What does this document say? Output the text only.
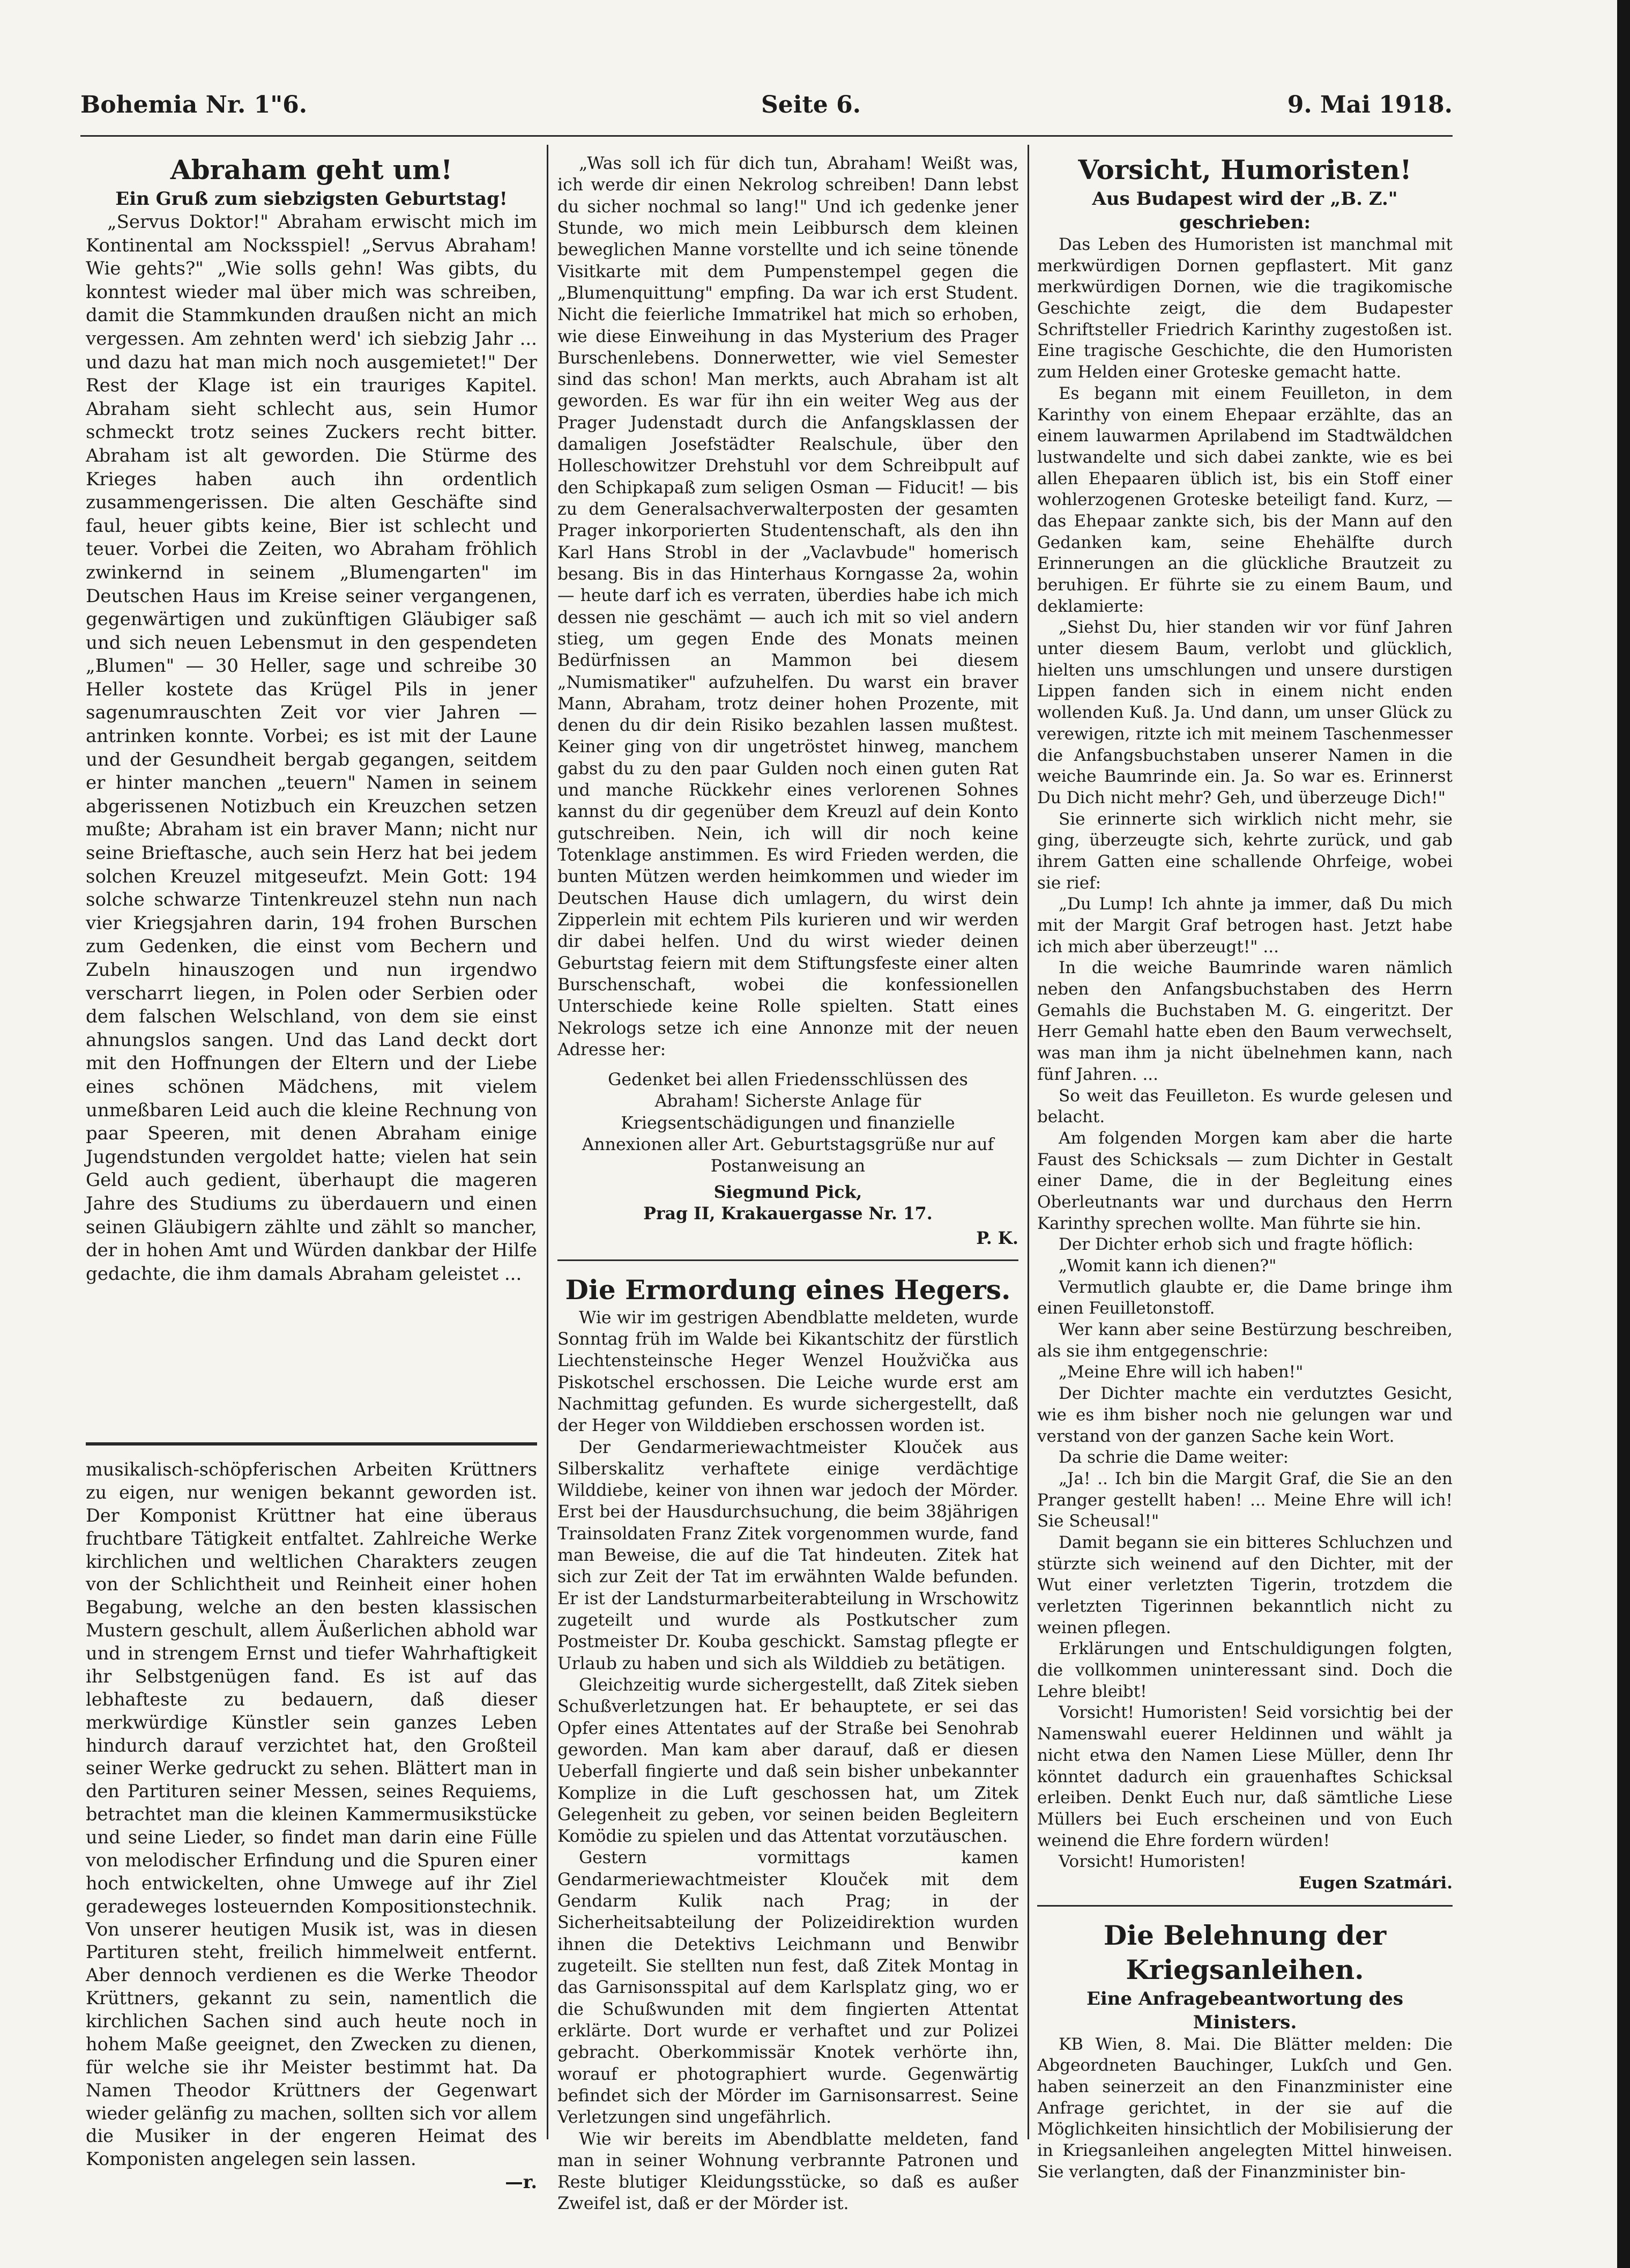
Bohemia Nr. 1"6.	Seite 6.	9. Mai 1918.

Abraham geht um!

Ein Gruß zum siebzigsten Geburtstag!

„Servus Doktor!" Abraham erwischt mich im Kontinental am Nocksspiel! „Servus Abraham! Wie gehts?" „Wie solls gehn! Was gibts, du konntest wieder mal über mich was schreiben, damit die Stammkunden draußen nicht an mich vergessen. Am zehnten werd' ich siebzig Jahr ... und dazu hat man mich noch ausgemietet!" Der Rest der Klage ist ein trauriges Kapitel. Abraham sieht schlecht aus, sein Humor schmeckt trotz seines Zuckers recht bitter. Abraham ist alt geworden. Die Stürme des Krieges haben auch ihn ordentlich zusammengerissen. Die alten Geschäfte sind faul, heuer gibts keine, Bier ist schlecht und teuer. Vorbei die Zeiten, wo Abraham fröhlich zwinkernd in seinem „Blumengarten" im Deutschen Haus im Kreise seiner vergangenen, gegenwärtigen und zukünftigen Gläubiger saß und sich neuen Lebensmut in den gespendeten „Blumen" — 30 Heller, sage und schreibe 30 Heller kostete das Krügel Pils in jener sagenumrauschten Zeit vor vier Jahren — antrinken konnte. Vorbei; es ist mit der Laune und der Gesundheit bergab gegangen, seitdem er hinter manchen „teuern" Namen in seinem abgerissenen Notizbuch ein Kreuzchen setzen mußte; Abraham ist ein braver Mann; nicht nur seine Brieftasche, auch sein Herz hat bei jedem solchen Kreuzel mitgeseufzt. Mein Gott: 194 solche schwarze Tintenkreuzel stehn nun nach vier Kriegsjahren darin, 194 frohen Burschen zum Gedenken, die einst vom Bechern und Zubeln hinauszogen und nun irgendwo verscharrt liegen, in Polen oder Serbien oder dem falschen Welschland, von dem sie einst ahnungslos sangen. Und das Land deckt dort mit den Hoffnungen der Eltern und der Liebe eines schönen Mädchens, mit vielem unmeßbaren Leid auch die kleine Rechnung von paar Speeren, mit denen Abraham einige Jugendstunden vergoldet hatte; vielen hat sein Geld auch gedient, überhaupt die mageren Jahre des Studiums zu überdauern und einen seinen Gläubigern zählte und zählt so mancher, der in hohen Amt und Würden dankbar der Hilfe gedachte, die ihm damals Abraham geleistet ...

„Was soll ich für dich tun, Abraham! Weißt was, ich werde dir einen Nekrolog schreiben! Dann lebst du sicher nochmal so lang!" Und ich gedenke jener Stunde, wo mich mein Leibbursch dem kleinen beweglichen Manne vorstellte und ich seine tönende Visitkarte mit dem Pumpenstempel gegen die „Blumenquittung" empfing. Da war ich erst Student. Nicht die feierliche Immatrikel hat mich so erhoben, wie diese Einweihung in das Mysterium des Prager Burschenlebens. Donnerwetter, wie viel Semester sind das schon! Man merkts, auch Abraham ist alt geworden. Es war für ihn ein weiter Weg aus der Prager Judenstadt durch die Anfangsklassen der damaligen Josefstädter Realschule, über den Holleschowitzer Drehstuhl vor dem Schreibpult auf den Schipkapaß zum seligen Osman — Fiducit! — bis zu dem Generalsachverwalterposten der gesamten Prager inkorporierten Studentenschaft, als den ihn Karl Hans Strobl in der „Vaclavbude" homerisch besang. Bis in das Hinterhaus Korngasse 2a, wohin — heute darf ich es verraten, überdies habe ich mich dessen nie geschämt — auch ich mit so viel andern stieg, um gegen Ende des Monats meinen Bedürfnissen an Mammon bei diesem „Numismatiker" aufzuhelfen. Du warst ein braver Mann, Abraham, trotz deiner hohen Prozente, mit denen du dir dein Risiko bezahlen lassen mußtest. Keiner ging von dir ungetröstet hinweg, manchem gabst du zu den paar Gulden noch einen guten Rat und manche Rückkehr eines verlorenen Sohnes kannst du dir gegenüber dem Kreuzl auf dein Konto gutschreiben. Nein, ich will dir noch keine Totenklage anstimmen. Es wird Frieden werden, die bunten Mützen werden heimkommen und wieder im Deutschen Hause dich umlagern, du wirst dein Zipperlein mit echtem Pils kurieren und wir werden dir dabei helfen. Und du wirst wieder deinen Geburtstag feiern mit dem Stiftungsfeste einer alten Burschenschaft, wobei die konfessionellen Unterschiede keine Rolle spielten. Statt eines Nekrologs setze ich eine Annonze mit der neuen Adresse her:

Gedenket bei allen Friedensschlüssen des Abraham! Sicherste Anlage für Kriegsentschädigungen und finanzielle Annexionen aller Art. Geburtstagsgrüße nur auf Postanweisung an

Siegmund Pick,

Prag II, Krakauergasse Nr. 17.

P. K.

Die Ermordung eines Hegers.

Wie wir im gestrigen Abendblatte meldeten, wurde Sonntag früh im Walde bei Kikantschitz der fürstlich Liechtensteinsche Heger Wenzel Houžvička aus Piskotschel erschossen. Die Leiche wurde erst am Nachmittag gefunden. Es wurde sichergestellt, daß der Heger von Wilddieben erschossen worden ist.

Der Gendarmeriewachtmeister Klouček aus Silberskalitz verhaftete einige verdächtige Wilddiebe, keiner von ihnen war jedoch der Mörder. Erst bei der Hausdurchsuchung, die beim 38jährigen Trainsoldaten Franz Zitek vorgenommen wurde, fand man Beweise, die auf die Tat hindeuten. Zitek hat sich zur Zeit der Tat im erwähnten Walde befunden. Er ist der Landsturmarbeiterabteilung in Wrschowitz zugeteilt und wurde als Postkutscher zum Postmeister Dr. Kouba geschickt. Samstag pflegte er Urlaub zu haben und sich als Wilddieb zu betätigen.

Gleichzeitig wurde sichergestellt, daß Zitek sieben Schußverletzungen hat. Er behauptete, er sei das Opfer eines Attentates auf der Straße bei Senohrab geworden. Man kam aber darauf, daß er diesen Ueberfall fingierte und daß sein bisher unbekannter Komplize in die Luft geschossen hat, um Zitek Gelegenheit zu geben, vor seinen beiden Begleitern Komödie zu spielen und das Attentat vorzutäuschen.

Gestern vormittags kamen Gendarmeriewachtmeister Klouček mit dem Gendarm Kulik nach Prag; in der Sicherheitsabteilung der Polizeidirektion wurden ihnen die Detektivs Leichmann und Benwibr zugeteilt. Sie stellten nun fest, daß Zitek Montag in das Garnisonsspital auf dem Karlsplatz ging, wo er die Schußwunden mit dem fingierten Attentat erklärte. Dort wurde er verhaftet und zur Polizei gebracht. Oberkommissär Knotek verhörte ihn, worauf er photographiert wurde. Gegenwärtig befindet sich der Mörder im Garnisonsarrest. Seine Verletzungen sind ungefährlich.

Wie wir bereits im Abendblatte meldeten, fand man in seiner Wohnung verbrannte Patronen und Reste blutiger Kleidungsstücke, so daß es außer Zweifel ist, daß er der Mörder ist.

musikalisch-schöpferischen Arbeiten Krüttners zu eigen, nur wenigen bekannt geworden ist. Der Komponist Krüttner hat eine überaus fruchtbare Tätigkeit entfaltet. Zahlreiche Werke kirchlichen und weltlichen Charakters zeugen von der Schlichtheit und Reinheit einer hohen Begabung, welche an den besten klassischen Mustern geschult, allem Äußerlichen abhold war und in strengem Ernst und tiefer Wahrhaftigkeit ihr Selbstgenügen fand. Es ist auf das lebhafteste zu bedauern, daß dieser merkwürdige Künstler sein ganzes Leben hindurch darauf verzichtet hat, den Großteil seiner Werke gedruckt zu sehen. Blättert man in den Partituren seiner Messen, seines Requiems, betrachtet man die kleinen Kammermusikstücke und seine Lieder, so findet man darin eine Fülle von melodischer Erfindung und die Spuren einer hoch entwickelten, ohne Umwege auf ihr Ziel geradeweges losteuernden Kompositionstechnik. Von unserer heutigen Musik ist, was in diesen Partituren steht, freilich himmelweit entfernt. Aber dennoch verdienen es die Werke Theodor Krüttners, gekannt zu sein, namentlich die kirchlichen Sachen sind auch heute noch in hohem Maße geeignet, den Zwecken zu dienen, für welche sie ihr Meister bestimmt hat. Da Namen Theodor Krüttners der Gegenwart wieder gelänfig zu machen, sollten sich vor allem die Musiker in der engeren Heimat des Komponisten angelegen sein lassen.

—r.

Vorsicht, Humoristen!

Aus Budapest wird der „B. Z." geschrieben:

Das Leben des Humoristen ist manchmal mit merkwürdigen Dornen gepflastert. Mit ganz merkwürdigen Dornen, wie die tragikomische Geschichte zeigt, die dem Budapester Schriftsteller Friedrich Karinthy zugestoßen ist. Eine tragische Geschichte, die den Humoristen zum Helden einer Groteske gemacht hatte.

Es begann mit einem Feuilleton, in dem Karinthy von einem Ehepaar erzählte, das an einem lauwarmen Aprilabend im Stadtwäldchen lustwandelte und sich dabei zankte, wie es bei allen Ehepaaren üblich ist, bis ein Stoff einer wohlerzogenen Groteske beteiligt fand. Kurz, — das Ehepaar zankte sich, bis der Mann auf den Gedanken kam, seine Ehehälfte durch Erinnerungen an die glückliche Brautzeit zu beruhigen. Er führte sie zu einem Baum, und deklamierte:

„Siehst Du, hier standen wir vor fünf Jahren unter diesem Baum, verlobt und glücklich, hielten uns umschlungen und unsere durstigen Lippen fanden sich in einem nicht enden wollenden Kuß. Ja. Und dann, um unser Glück zu verewigen, ritzte ich mit meinem Taschenmesser die Anfangsbuchstaben unserer Namen in die weiche Baumrinde ein. Ja. So war es. Erinnerst Du Dich nicht mehr? Geh, und überzeuge Dich!"

Sie erinnerte sich wirklich nicht mehr, sie ging, überzeugte sich, kehrte zurück, und gab ihrem Gatten eine schallende Ohrfeige, wobei sie rief:

„Du Lump! Ich ahnte ja immer, daß Du mich mit der Margit Graf betrogen hast. Jetzt habe ich mich aber überzeugt!" ...

In die weiche Baumrinde waren nämlich neben den Anfangsbuchstaben des Herrn Gemahls die Buchstaben M. G. eingeritzt. Der Herr Gemahl hatte eben den Baum verwechselt, was man ihm ja nicht übelnehmen kann, nach fünf Jahren. ...

So weit das Feuilleton. Es wurde gelesen und belacht.

Am folgenden Morgen kam aber die harte Faust des Schicksals — zum Dichter in Gestalt einer Dame, die in der Begleitung eines Oberleutnants war und durchaus den Herrn Karinthy sprechen wollte. Man führte sie hin.

Der Dichter erhob sich und fragte höflich:

„Womit kann ich dienen?"

Vermutlich glaubte er, die Dame bringe ihm einen Feuilletonstoff.

Wer kann aber seine Bestürzung beschreiben, als sie ihm entgegenschrie:

„Meine Ehre will ich haben!"

Der Dichter machte ein verdutztes Gesicht, wie es ihm bisher noch nie gelungen war und verstand von der ganzen Sache kein Wort.

Da schrie die Dame weiter:

„Ja! .. Ich bin die Margit Graf, die Sie an den Pranger gestellt haben! ... Meine Ehre will ich! Sie Scheusal!"

Damit begann sie ein bitteres Schluchzen und stürzte sich weinend auf den Dichter, mit der Wut einer verletzten Tigerin, trotzdem die verletzten Tigerinnen bekanntlich nicht zu weinen pflegen.

Erklärungen und Entschuldigungen folgten, die vollkommen uninteressant sind. Doch die Lehre bleibt!

Vorsicht! Humoristen! Seid vorsichtig bei der Namenswahl euerer Heldinnen und wählt ja nicht etwa den Namen Liese Müller, denn Ihr könntet dadurch ein grauenhaftes Schicksal erleiben. Denkt Euch nur, daß sämtliche Liese Müllers bei Euch erscheinen und von Euch weinend die Ehre fordern würden!

Vorsicht! Humoristen!

Eugen Szatmári.

Die Belehnung der Kriegsanleihen.

Eine Anfragebeantwortung des Ministers.

KB Wien, 8. Mai. Die Blätter melden: Die Abgeordneten Bauchinger, Lukſch und Gen. haben seinerzeit an den Finanzminister eine Anfrage gerichtet, in der sie auf die Möglichkeiten hinsichtlich der Mobilisierung der in Kriegsanleihen angelegten Mittel hinweisen. Sie verlangten, daß der Finanzminister bin-
